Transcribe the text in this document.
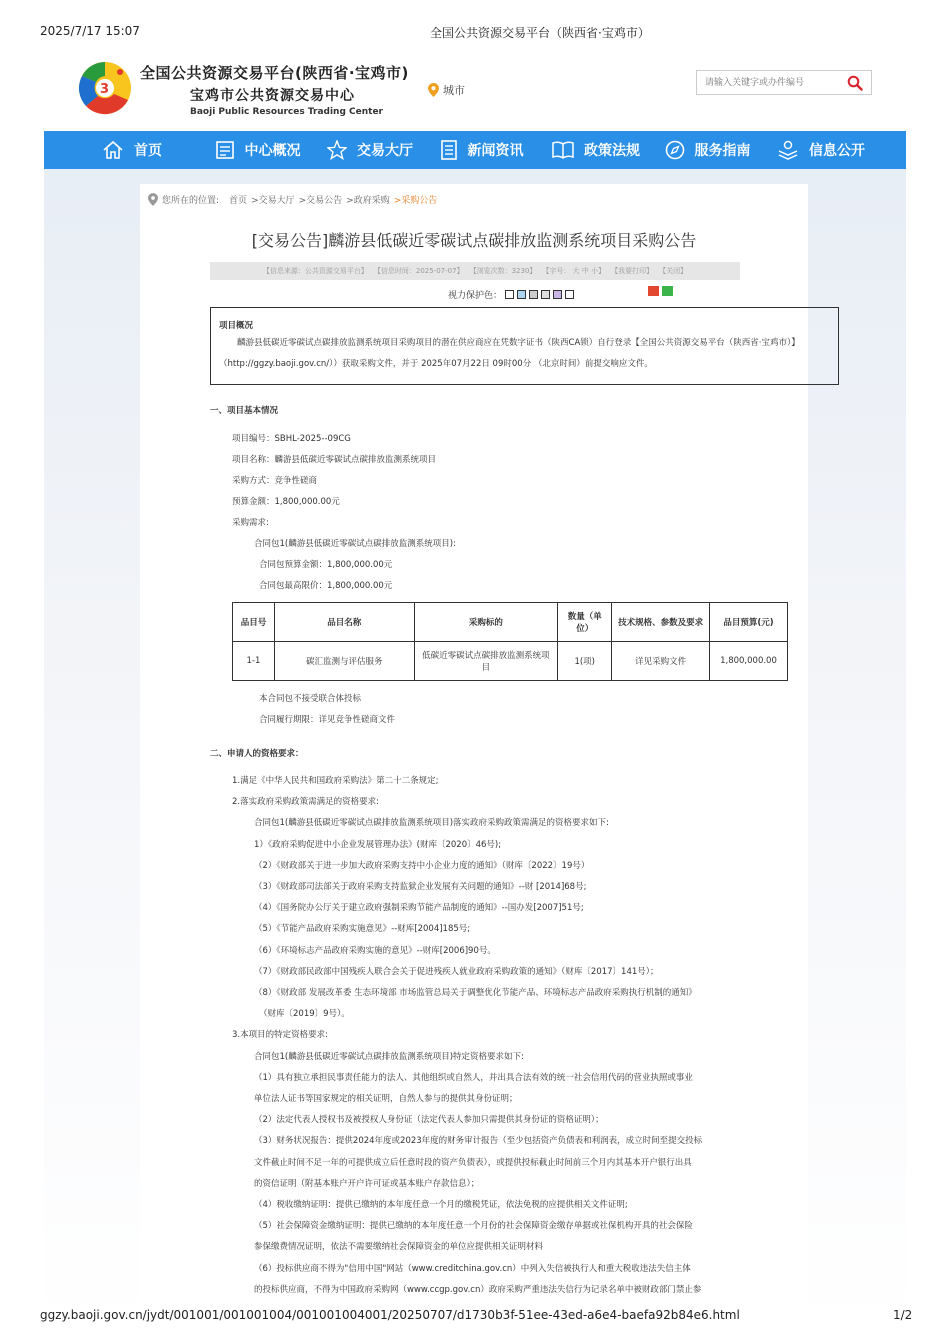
2025/7/17 15:07	全国公共资源交易平台（陕西省·宝鸡市）
3
全国公共资源交易平台(陕西省·宝鸡市)
宝鸡市公共资源交易中心
Baoji Public Resources Trading Center
城市
请输入关键字或办件编号
首页	中心概况	交易大厅	新闻资讯	政策法规	服务指南	信息公开
您所在的位置: 首页 >交易大厅 >交易公告 >政府采购 >采购公告
[交易公告]麟游县低碳近零碳试点碳排放监测系统项目采购公告
【信息来源：公共资源交易平台】 【信息时间：2025-07-07】 【浏览次数：3230】 【字号： 大 中 小】 【我要打印】 【关闭】
视力保护色：
项目概况
麟游县低碳近零碳试点碳排放监测系统项目采购项目的潜在供应商应在凭数字证书（陕西CA锁）自行登录【全国公共资源交易平台（陕西省·宝鸡市）】（http://ggzy.baoji.gov.cn/））获取采购文件，并于 2025年07月22日 09时00分 （北京时间）前提交响应文件。
一、项目基本情况
项目编号：SBHL-2025--09CG
项目名称：麟游县低碳近零碳试点碳排放监测系统项目
采购方式：竞争性磋商
预算金额：1,800,000.00元
采购需求:
合同包1(麟游县低碳近零碳试点碳排放监测系统项目):
合同包预算金额：1,800,000.00元
合同包最高限价：1,800,000.00元
品目号	品目名称	采购标的	数量（单位）	技术规格、参数及要求	品目预算(元)
1-1	碳汇监测与评估服务	低碳近零碳试点碳排放监测系统项目	1(项)	详见采购文件	1,800,000.00
本合同包不接受联合体投标
合同履行期限：详见竞争性磋商文件
二、申请人的资格要求：
1.满足《中华人民共和国政府采购法》第二十二条规定;
2.落实政府采购政策需满足的资格要求:
合同包1(麟游县低碳近零碳试点碳排放监测系统项目)落实政府采购政策需满足的资格要求如下:
1）《政府采购促进中小企业发展管理办法》(财库〔2020〕46号);
（2）《财政部关于进一步加大政府采购支持中小企业力度的通知》（财库〔2022〕19号）
（3）《财政部司法部关于政府采购支持监狱企业发展有关问题的通知》--财 [2014]68号;
（4）《国务院办公厅关于建立政府强制采购节能产品制度的通知》--国办发[2007]51号;
（5）《节能产品政府采购实施意见》--财库[2004]185号;
（6）《环境标志产品政府采购实施的意见》--财库[2006]90号。
（7）《财政部民政部中国残疾人联合会关于促进残疾人就业政府采购政策的通知》（财库〔2017〕141号）；
（8）《财政部 发展改革委 生态环境部 市场监管总局关于调整优化节能产品、环境标志产品政府采购执行机制的通知》
（财库〔2019〕9号）。
3.本项目的特定资格要求:
合同包1(麟游县低碳近零碳试点碳排放监测系统项目)特定资格要求如下:
（1）具有独立承担民事责任能力的法人、其他组织或自然人，并出具合法有效的统一社会信用代码的营业执照或事业
单位法人证书等国家规定的相关证明，自然人参与的提供其身份证明；
（2）法定代表人授权书及被授权人身份证（法定代表人参加只需提供其身份证的资格证明）；
（3）财务状况报告：提供2024年度或2023年度的财务审计报告（至少包括资产负债表和利润表，成立时间至提交投标
文件截止时间不足一年的可提供成立后任意时段的资产负债表），或提供投标截止时间前三个月内其基本开户银行出具
的资信证明（附基本账户开户许可证或基本账户存款信息）；
（4）税收缴纳证明：提供已缴纳的本年度任意一个月的缴税凭证，依法免税的应提供相关文件证明;
（5）社会保障资金缴纳证明：提供已缴纳的本年度任意一个月份的社会保障资金缴存单据或社保机构开具的社会保险
参保缴费情况证明，依法不需要缴纳社会保障资金的单位应提供相关证明材料
（6）投标供应商不得为"信用中国"网站（www.creditchina.gov.cn）中列入失信被执行人和重大税收违法失信主体
的投标供应商，不得为中国政府采购网（www.ccgp.gov.cn）政府采购严重违法失信行为记录名单中被财政部门禁止参
ggzy.baoji.gov.cn/jydt/001001/001001004/001001004001/20250707/d1730b3f-51ee-43ed-a6e4-baefa92b84e6.html	1/2
